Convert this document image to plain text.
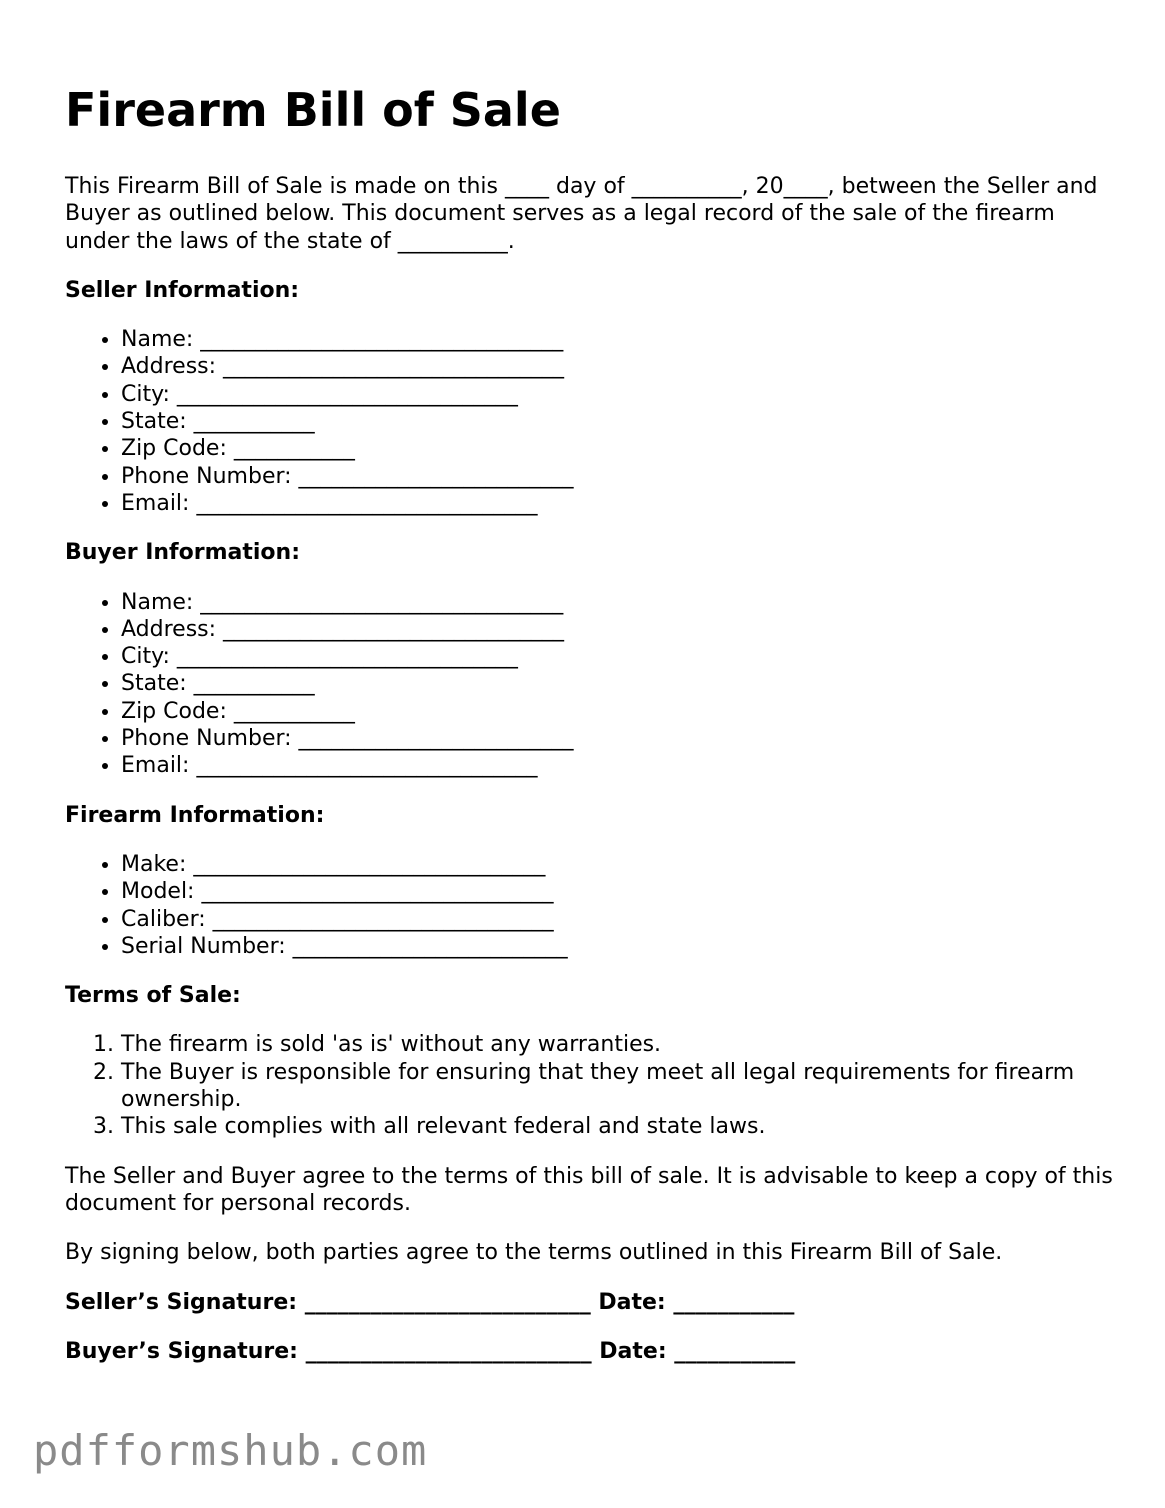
Firearm Bill of Sale

This Firearm Bill of Sale is made on this ____ day of __________, 20____, between the Seller and Buyer as outlined below. This document serves as a legal record of the sale of the firearm under the laws of the state of __________.

Seller Information:
• Name: _________________________________
• Address: _______________________________
• City: _______________________________
• State: ___________
• Zip Code: ___________
• Phone Number: _________________________
• Email: _______________________________
Buyer Information:
• Name: _________________________________
• Address: _______________________________
• City: _______________________________
• State: ___________
• Zip Code: ___________
• Phone Number: _________________________
• Email: _______________________________
Firearm Information:
• Make: ________________________________
• Model: ________________________________
• Caliber: _______________________________
• Serial Number: _________________________
Terms of Sale:
1. The firearm is sold 'as is' without any warranties.
2. The Buyer is responsible for ensuring that they meet all legal requirements for firearm ownership.
3. This sale complies with all relevant federal and state laws.

The Seller and Buyer agree to the terms of this bill of sale. It is advisable to keep a copy of this document for personal records.

By signing below, both parties agree to the terms outlined in this Firearm Bill of Sale.

Seller’s Signature: __________________________ Date: ___________

Buyer’s Signature: __________________________ Date: ___________

pdfformshub.com
